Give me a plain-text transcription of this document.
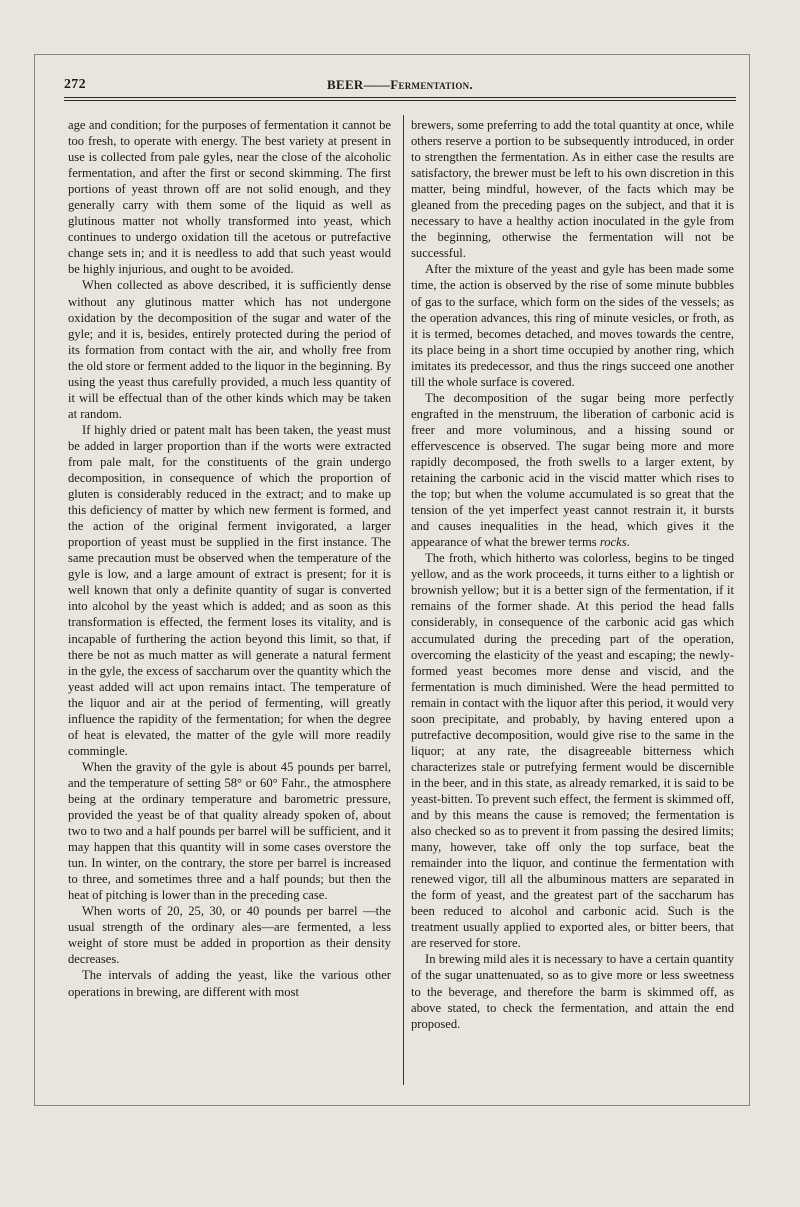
272	BEER——Fermentation.

age and condition; for the purposes of fermentation it cannot be too fresh, to operate with energy. The best variety at present in use is collected from pale gyles, near the close of the alcoholic fermentation, and after the first or second skimming. The first portions of yeast thrown off are not solid enough, and they generally carry with them some of the liquid as well as glutinous matter not wholly transformed into yeast, which continues to undergo oxidation till the acetous or putrefactive change sets in; and it is needless to add that such yeast would be highly injurious, and ought to be avoided.

When collected as above described, it is sufficiently dense without any glutinous matter which has not undergone oxidation by the decomposition of the sugar and water of the gyle; and it is, besides, entirely protected during the period of its formation from contact with the air, and wholly free from the old store or ferment added to the liquor in the beginning. By using the yeast thus carefully provided, a much less quantity of it will be effectual than of the other kinds which may be taken at random.

If highly dried or patent malt has been taken, the yeast must be added in larger proportion than if the worts were extracted from pale malt, for the constituents of the grain undergo decomposition, in consequence of which the proportion of gluten is considerably reduced in the extract; and to make up this deficiency of matter by which new ferment is formed, and the action of the original ferment invigorated, a larger proportion of yeast must be supplied in the first instance. The same precaution must be observed when the temperature of the gyle is low, and a large amount of extract is present; for it is well known that only a definite quantity of sugar is converted into alcohol by the yeast which is added; and as soon as this transformation is effected, the ferment loses its vitality, and is incapable of furthering the action beyond this limit, so that, if there be not as much matter as will generate a natural ferment in the gyle, the excess of saccharum over the quantity which the yeast added will act upon remains intact. The temperature of the liquor and air at the period of fermenting, will greatly influence the rapidity of the fermentation; for when the degree of heat is elevated, the matter of the gyle will more readily commingle.

When the gravity of the gyle is about 45 pounds per barrel, and the temperature of setting 58° or 60° Fahr., the atmosphere being at the ordinary temperature and barometric pressure, provided the yeast be of that quality already spoken of, about two to two and a half pounds per barrel will be sufficient, and it may happen that this quantity will in some cases overstore the tun. In winter, on the contrary, the store per barrel is increased to three, and sometimes three and a half pounds; but then the heat of pitching is lower than in the preceding case.

When worts of 20, 25, 30, or 40 pounds per barrel —the usual strength of the ordinary ales—are fermented, a less weight of store must be added in proportion as their density decreases.

The intervals of adding the yeast, like the various other operations in brewing, are different with most

brewers, some preferring to add the total quantity at once, while others reserve a portion to be subsequently introduced, in order to strengthen the fermentation. As in either case the results are satisfactory, the brewer must be left to his own discretion in this matter, being mindful, however, of the facts which may be gleaned from the preceding pages on the subject, and that it is necessary to have a healthy action inoculated in the gyle from the beginning, otherwise the fermentation will not be successful.

After the mixture of the yeast and gyle has been made some time, the action is observed by the rise of some minute bubbles of gas to the surface, which form on the sides of the vessels; as the operation advances, this ring of minute vesicles, or froth, as it is termed, becomes detached, and moves towards the centre, its place being in a short time occupied by another ring, which imitates its predecessor, and thus the rings succeed one another till the whole surface is covered.

The decomposition of the sugar being more perfectly engrafted in the menstruum, the liberation of carbonic acid is freer and more voluminous, and a hissing sound or effervescence is observed. The sugar being more and more rapidly decomposed, the froth swells to a larger extent, by retaining the carbonic acid in the viscid matter which rises to the top; but when the volume accumulated is so great that the tension of the yet imperfect yeast cannot restrain it, it bursts and causes inequalities in the head, which gives it the appearance of what the brewer terms rocks.

The froth, which hitherto was colorless, begins to be tinged yellow, and as the work proceeds, it turns either to a lightish or brownish yellow; but it is a better sign of the fermentation, if it remains of the former shade. At this period the head falls considerably, in consequence of the carbonic acid gas which accumulated during the preceding part of the operation, overcoming the elasticity of the yeast and escaping; the newly-formed yeast becomes more dense and viscid, and the fermentation is much diminished. Were the head permitted to remain in contact with the liquor after this period, it would very soon precipitate, and probably, by having entered upon a putrefactive decomposition, would give rise to the same in the liquor; at any rate, the disagreeable bitterness which characterizes stale or putrefying ferment would be discernible in the beer, and in this state, as already remarked, it is said to be yeast-bitten. To prevent such effect, the ferment is skimmed off, and by this means the cause is removed; the fermentation is also checked so as to prevent it from passing the desired limits; many, however, take off only the top surface, beat the remainder into the liquor, and continue the fermentation with renewed vigor, till all the albuminous matters are separated in the form of yeast, and the greatest part of the saccharum has been reduced to alcohol and carbonic acid. Such is the treatment usually applied to exported ales, or bitter beers, that are reserved for store.

In brewing mild ales it is necessary to have a certain quantity of the sugar unattenuated, so as to give more or less sweetness to the beverage, and therefore the barm is skimmed off, as above stated, to check the fermentation, and attain the end proposed.
